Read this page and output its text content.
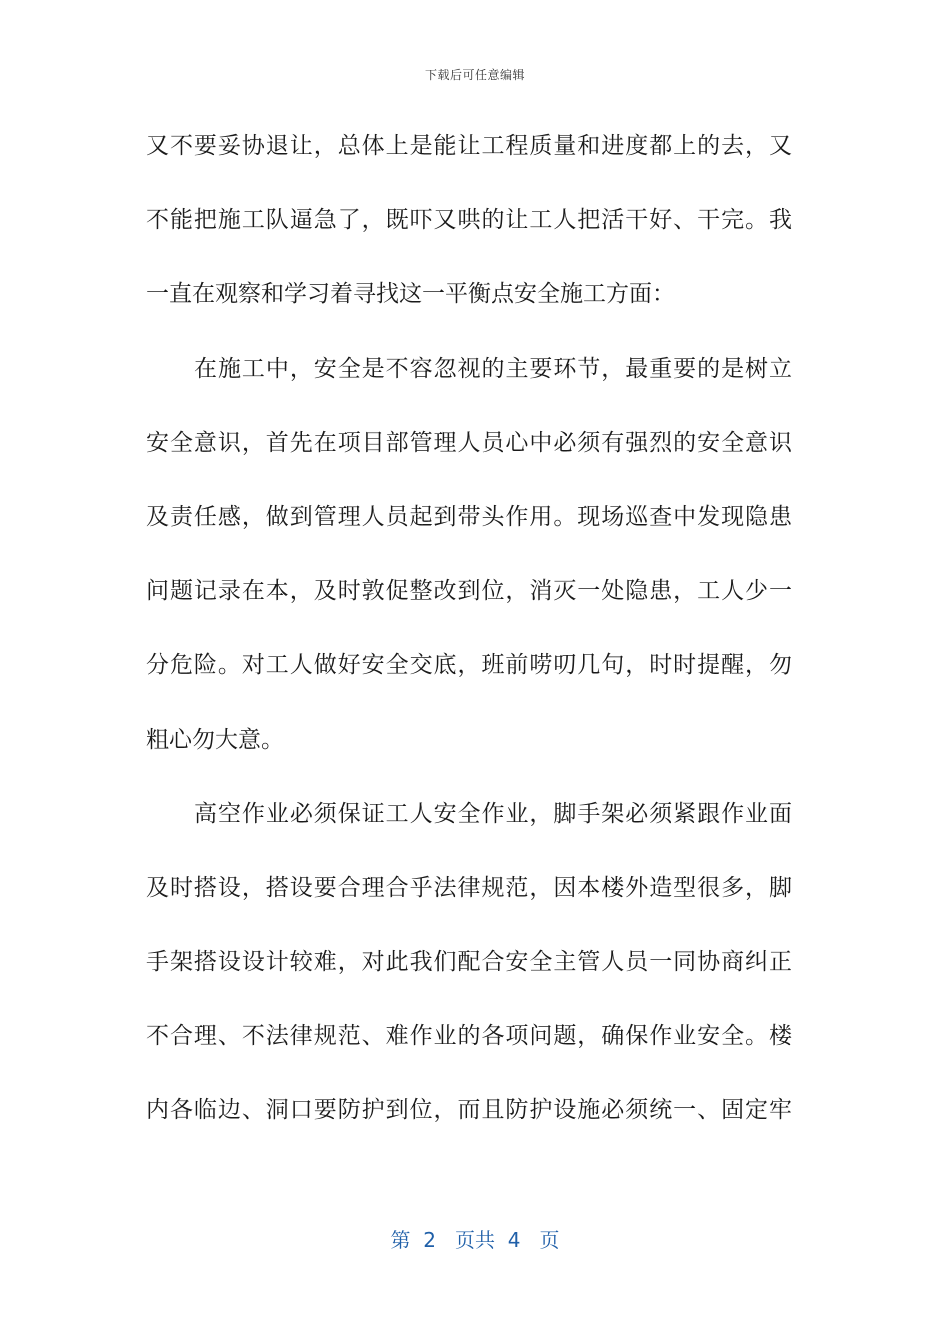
下载后可任意编辑
又不要妥协退让，总体上是能让工程质量和进度都上的去，又
不能把施工队逼急了，既吓又哄的让工人把活干好、干完。我
一直在观察和学习着寻找这一平衡点安全施工方面：
在施工中，安全是不容忽视的主要环节，最重要的是树立
安全意识，首先在项目部管理人员心中必须有强烈的安全意识
及责任感，做到管理人员起到带头作用。现场巡查中发现隐患
问题记录在本，及时敦促整改到位，消灭一处隐患，工人少一
分危险。对工人做好安全交底，班前唠叨几句，时时提醒，勿
粗心勿大意。
高空作业必须保证工人安全作业，脚手架必须紧跟作业面
及时搭设，搭设要合理合乎法律规范，因本楼外造型很多，脚
手架搭设设计较难，对此我们配合安全主管人员一同协商纠正
不合理、不法律规范、难作业的各项问题，确保作业安全。楼
内各临边、洞口要防护到位，而且防护设施必须统一、固定牢
第  2   页共  4   页
